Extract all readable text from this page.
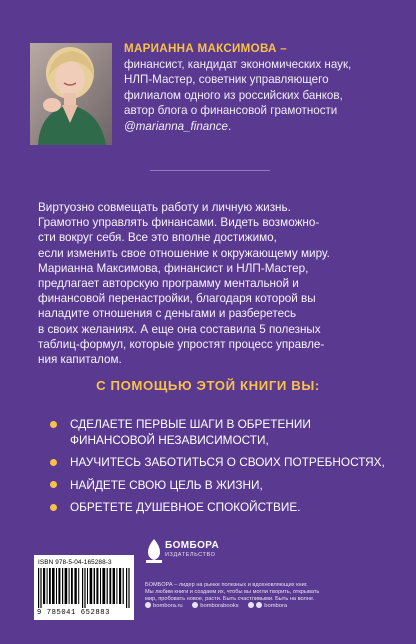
МАРИАННА МАКСИМОВА –
финансист, кандидат экономических наук,
НЛП-Мастер, советник управляющего
филиалом одного из российских банков,
автор блога о финансовой грамотности
@marianna_finance.
Виртуозно совмещать работу и личную жизнь.
Грамотно управлять финансами. Видеть возможно-
сти вокруг себя. Все это вполне достижимо,
если изменить свое отношение к окружающему миру.
Марианна Максимова, финансист и НЛП-Мастер,
предлагает авторскую программу ментальной и
финансовой перенастройки, благодаря которой вы
наладите отношения с деньгами и разберетесь
в своих желаниях. А еще она составила 5 полезных
таблиц-формул, которые упростят процесс управле-
ния капиталом.
С ПОМОЩЬЮ ЭТОЙ КНИГИ ВЫ:
СДЕЛАЕТЕ ПЕРВЫЕ ШАГИ В ОБРЕТЕНИИ
ФИНАНСОВОЙ НЕЗАВИСИМОСТИ,
НАУЧИТЕСЬ ЗАБОТИТЬСЯ О СВОИХ ПОТРЕБНОСТЯХ,
НАЙДЕТЕ СВОЮ ЦЕЛЬ В ЖИЗНИ,
ОБРЕТЕТЕ ДУШЕВНОЕ СПОКОЙСТВИЕ.
ISBN 978-5-04-165288-3
9 785041 652883
БОМБОРА
ИЗДАТЕЛЬСТВО
БОМБОРА – лидер на рынке полезных и вдохновляющих книг.
Мы любим книги и создаем их, чтобы вы могли творить, открывать
мир, пробовать новое, расти. Быть счастливыми. Быть на волне.
bombora.ru	bomborabooks	bombora
